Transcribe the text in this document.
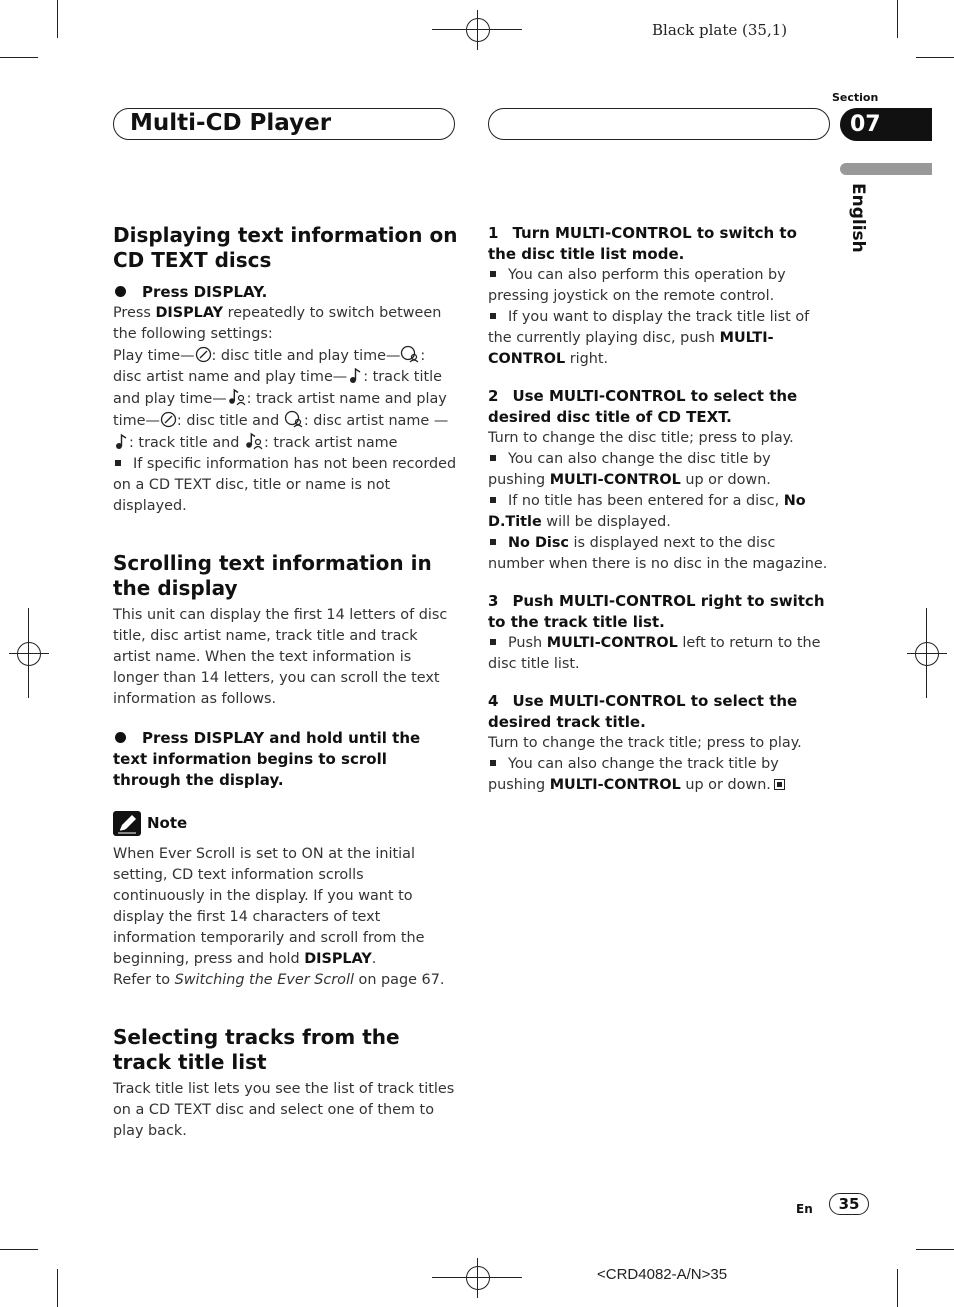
Black plate (35,1)
Multi-CD Player
Section
07
English
Displaying text information on CD TEXT discs

Press DISPLAY.

Press DISPLAY repeatedly to switch between the following settings:

Play time— : disc title and play time— : disc artist name and play time— : track title and play time— : track artist name and play time— : disc title and : disc artist name —: track title and : track artist name

If specific information has not been recorded on a CD TEXT disc, title or name is not displayed.

Scrolling text information in the display

This unit can display the first 14 letters of disc title, disc artist name, track title and track artist name. When the text information is longer than 14 letters, you can scroll the text information as follows.

Press DISPLAY and hold until the text information begins to scroll through the display.

Note

When Ever Scroll is set to ON at the initial setting, CD text information scrolls continuously in the display. If you want to display the first 14 characters of text information temporarily and scroll from the beginning, press and hold DISPLAY.
Refer to Switching the Ever Scroll on page 67.

Selecting tracks from the track title list

Track title list lets you see the list of track titles on a CD TEXT disc and select one of them to play back.

1 Turn MULTI-CONTROL to switch to the disc title list mode.

You can also perform this operation by pressing joystick on the remote control.

If you want to display the track title list of the currently playing disc, push MULTI-CONTROL right.

2 Use MULTI-CONTROL to select the desired disc title of CD TEXT.

Turn to change the disc title; press to play.

You can also change the disc title by pushing MULTI-CONTROL up or down.

If no title has been entered for a disc, No D.Title will be displayed.

No Disc is displayed next to the disc number when there is no disc in the magazine.

3 Push MULTI-CONTROL right to switch to the track title list.

Push MULTI-CONTROL left to return to the disc title list.

4 Use MULTI-CONTROL to select the desired track title.

Turn to change the track title; press to play.

You can also change the track title by pushing MULTI-CONTROL up or down.

En	35
<CRD4082-A/N>35
